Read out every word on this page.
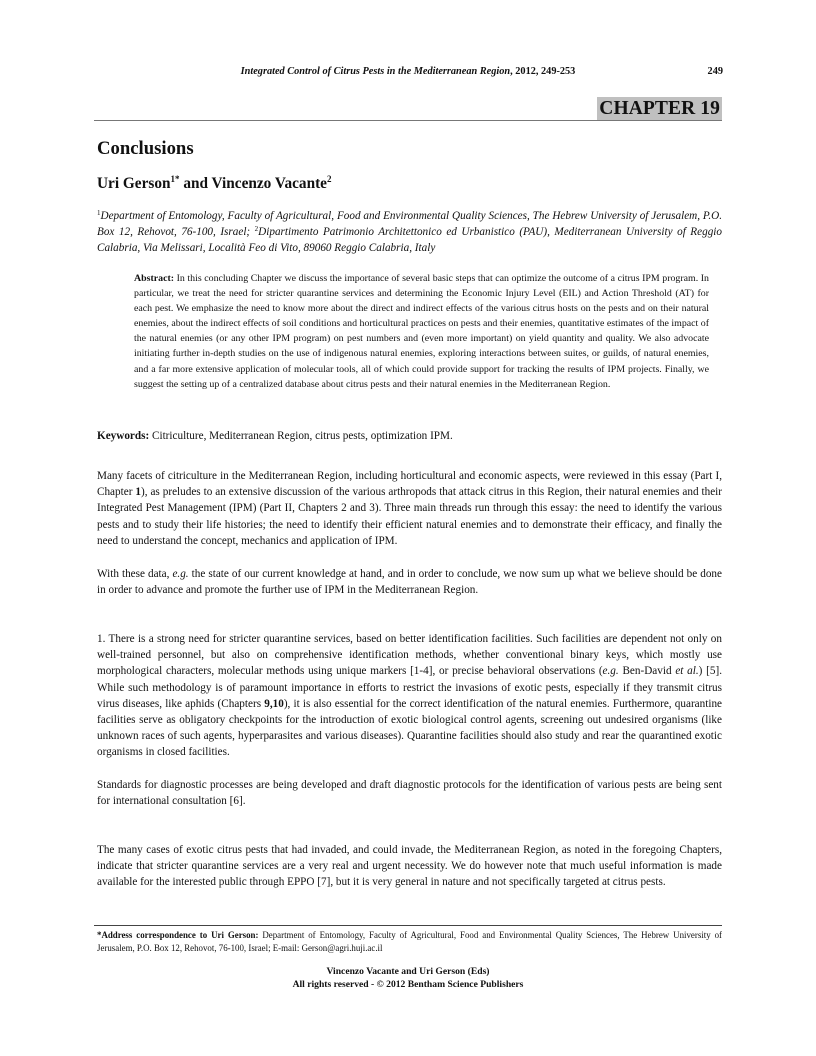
Integrated Control of Citrus Pests in the Mediterranean Region, 2012, 249-253	249
CHAPTER 19
Conclusions
Uri Gerson$^{1*}$ and Vincenzo Vacante$^2$

$^1$Department of Entomology, Faculty of Agricultural, Food and Environmental Quality Sciences, The Hebrew University of Jerusalem, P.O. Box 12, Rehovot, 76-100, Israel; $^2$Dipartimento Patrimonio Architettonico ed Urbanistico (PAU), Mediterranean University of Reggio Calabria, Via Melissari, Località Feo di Vito, 89060 Reggio Calabria, Italy

Abstract: In this concluding Chapter we discuss the importance of several basic steps that can optimize the outcome of a citrus IPM program. In particular, we treat the need for stricter quarantine services and determining the Economic Injury Level (EIL) and Action Threshold (AT) for each pest. We emphasize the need to know more about the direct and indirect effects of the various citrus hosts on the pests and on their natural enemies, about the indirect effects of soil conditions and horticultural practices on pests and their enemies, quantitative estimates of the impact of the natural enemies (or any other IPM program) on pest numbers and (even more important) on yield quantity and quality. We also advocate initiating further in-depth studies on the use of indigenous natural enemies, exploring interactions between suites, or guilds, of natural enemies, and a far more extensive application of molecular tools, all of which could provide support for tracking the results of IPM projects. Finally, we suggest the setting up of a centralized database about citrus pests and their natural enemies in the Mediterranean Region.

Keywords: Citriculture, Mediterranean Region, citrus pests, optimization IPM.

Many facets of citriculture in the Mediterranean Region, including horticultural and economic aspects, were reviewed in this essay (Part I, Chapter 1), as preludes to an extensive discussion of the various arthropods that attack citrus in this Region, their natural enemies and their Integrated Pest Management (IPM) (Part II, Chapters 2 and 3). Three main threads run through this essay: the need to identify the various pests and to study their life histories; the need to identify their efficient natural enemies and to demonstrate their efficacy, and finally the need to understand the concept, mechanics and application of IPM.

With these data, e.g. the state of our current knowledge at hand, and in order to conclude, we now sum up what we believe should be done in order to advance and promote the further use of IPM in the Mediterranean Region.

1. There is a strong need for stricter quarantine services, based on better identification facilities. Such facilities are dependent not only on well-trained personnel, but also on comprehensive identification methods, whether conventional binary keys, which mostly use morphological characters, molecular methods using unique markers [1-4], or precise behavioral observations (e.g. Ben-David et al.) [5]. While such methodology is of paramount importance in efforts to restrict the invasions of exotic pests, especially if they transmit citrus virus diseases, like aphids (Chapters 9,10), it is also essential for the correct identification of the natural enemies. Furthermore, quarantine facilities serve as obligatory checkpoints for the introduction of exotic biological control agents, screening out undesired organisms (like unknown races of such agents, hyperparasites and various diseases). Quarantine facilities should also study and rear the quarantined exotic organisms in closed facilities.

Standards for diagnostic processes are being developed and draft diagnostic protocols for the identification of various pests are being sent for international consultation [6].

The many cases of exotic citrus pests that had invaded, and could invade, the Mediterranean Region, as noted in the foregoing Chapters, indicate that stricter quarantine services are a very real and urgent necessity. We do however note that much useful information is made available for the interested public through EPPO [7], but it is very general in nature and not specifically targeted at citrus pests.

*Address correspondence to Uri Gerson: Department of Entomology, Faculty of Agricultural, Food and Environmental Quality Sciences, The Hebrew University of Jerusalem, P.O. Box 12, Rehovot, 76-100, Israel; E-mail: Gerson@agri.huji.ac.il

Vincenzo Vacante and Uri Gerson (Eds)
All rights reserved - © 2012 Bentham Science Publishers
